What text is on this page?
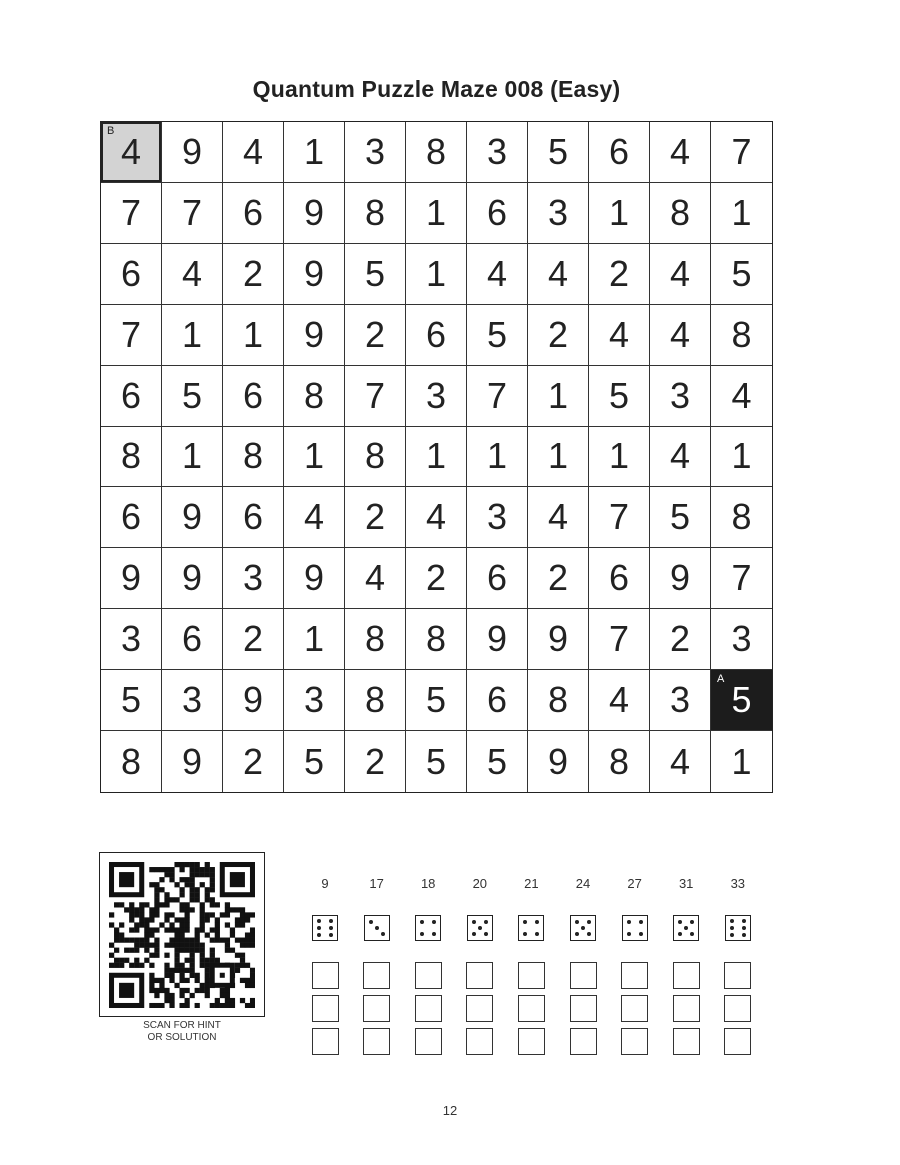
Quantum Puzzle Maze 008 (Easy)
B 4 9 4 1 3 8 3 5 6 4 7
7 7 6 9 8 1 6 3 1 8 1
6 4 2 9 5 1 4 4 2 4 5
7 1 1 9 2 6 5 2 4 4 8
6 5 6 8 7 3 7 1 5 3 4
8 1 8 1 8 1 1 1 1 4 1
6 9 6 4 2 4 3 4 7 5 8
9 9 3 9 4 2 6 2 6 9 7
3 6 2 1 8 8 9 9 7 2 3
5 3 9 3 8 5 6 8 4 3 A 5
8 9 2 5 2 5 5 9 8 4 1
SCAN FOR HINT
OR SOLUTION
9	17	18	20	21	24	27	31	33
12
